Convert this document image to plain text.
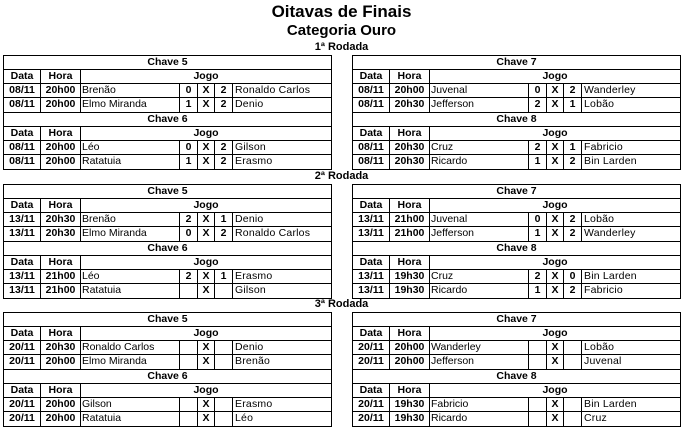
Oitavas de Finais
Categoria Ouro
1ª Rodada
2ª Rodada
3ª Rodada
Chave 5
Data	Hora	Jogo
08/11	20h00 Brenão	0	X	2 Ronaldo Carlos
08/11	20h00 Elmo Miranda	1	X	2 Denio
Chave 6
Data	Hora	Jogo
08/11	20h00 Léo	0	X	2 Gilson
08/11	20h00 Ratatuia	1	X	2 Erasmo
Chave 7
Data	Hora	Jogo
08/11	20h00 Juvenal	0	X	2 Wanderley
08/11	20h30 Jefferson	2	X	1 Lobão
Chave 8
Data	Hora	Jogo
08/11	20h30 Cruz	2	X	1 Fabricio
08/11	20h30 Ricardo	1	X	2 Bin Larden
Chave 5
Data	Hora	Jogo
13/11	20h30 Brenão	2	X	1 Denio
13/11	20h30 Elmo Miranda	0	X	2 Ronaldo Carlos
Chave 6
Data	Hora	Jogo
13/11	21h00 Léo	2	X	1 Erasmo
13/11	21h00 Ratatuia	X	Gilson
Chave 7
Data	Hora	Jogo
13/11	21h00 Juvenal	0	X	2 Lobão
13/11	21h00 Jefferson	1	X	2 Wanderley
Chave 8
Data	Hora	Jogo
13/11	19h30 Cruz	2	X	0 Bin Larden
13/11	19h30 Ricardo	1	X	2 Fabricio
Chave 5
Data	Hora	Jogo
20/11	20h30 Ronaldo Carlos	X	Denio
20/11	20h00 Elmo Miranda	X	Brenão
Chave 6
Data	Hora	Jogo
20/11	20h00 Gilson	X	Erasmo
20/11	20h00 Ratatuia	X	Léo
Chave 7
Data	Hora	Jogo
20/11	20h00 Wanderley	X	Lobão
20/11	20h00 Jefferson	X	Juvenal
Chave 8
Data	Hora	Jogo
20/11	19h30 Fabricio	X	Bin Larden
20/11	19h30 Ricardo	X	Cruz
